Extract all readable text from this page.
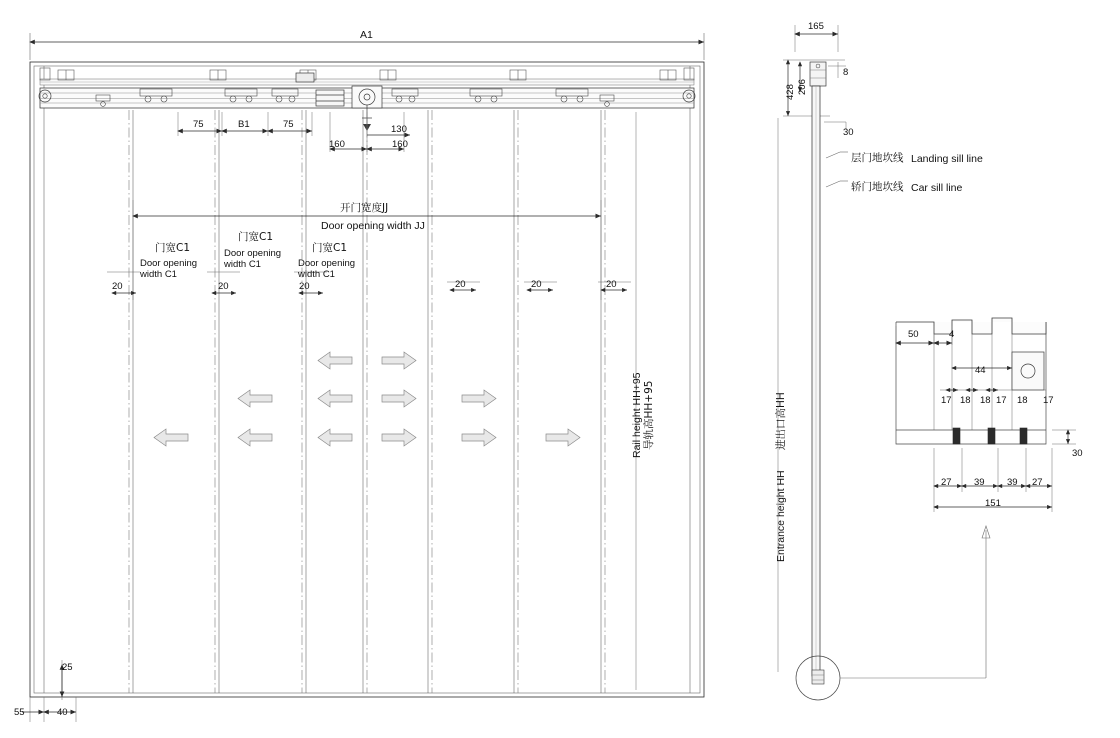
A1
75	B1	75	130
160	160
开门宽度JJ
Door opening width JJ
门宽C1
Door opening width C1
门宽C1
Door opening width C1
门宽C1
Door opening width C1
20	20	20	20	20	20
导轨高HH+95
Rail height HH+95
25
55	40
165
428 206
8
30
层门地坎线 Landing sill line
轿门地坎线 Car sill line
进出口高HH
Entrance height HH
50	4
44
17 18 18 17 18 17
27 39 39 27
151
30
